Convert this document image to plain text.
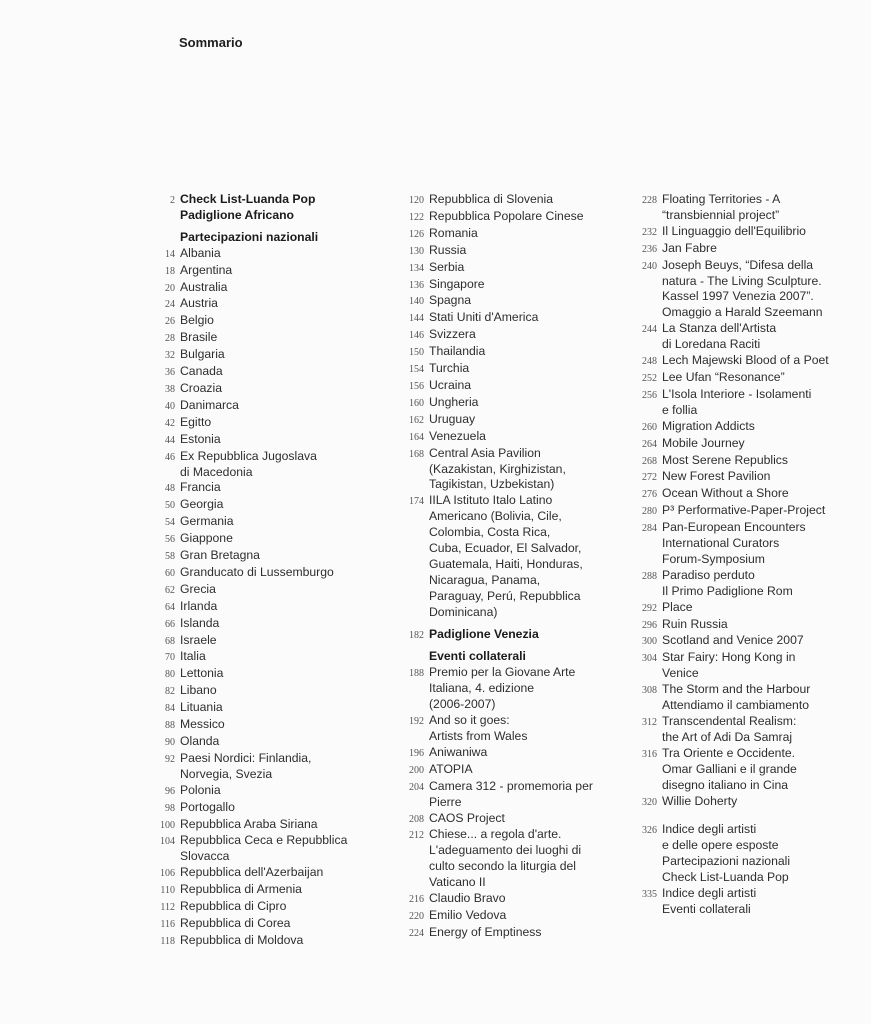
Sommario
2 Check List-Luanda Pop
Padiglione Africano
Partecipazioni nazionali
14 Albania
18 Argentina
20 Australia
24 Austria
26 Belgio
28 Brasile
32 Bulgaria
36 Canada
38 Croazia
40 Danimarca
42 Egitto
44 Estonia
46 Ex Repubblica Jugoslava
di Macedonia
48 Francia
50 Georgia
54 Germania
56 Giappone
58 Gran Bretagna
60 Granducato di Lussemburgo
62 Grecia
64 Irlanda
66 Islanda
68 Israele
70 Italia
80 Lettonia
82 Libano
84 Lituania
88 Messico
90 Olanda
92 Paesi Nordici: Finlandia,
Norvegia, Svezia
96 Polonia
98 Portogallo
100 Repubblica Araba Siriana
104 Repubblica Ceca e Repubblica
Slovacca
106 Repubblica dell'Azerbaijan
110 Repubblica di Armenia
112 Repubblica di Cipro
116 Repubblica di Corea
118 Repubblica di Moldova
120 Repubblica di Slovenia
122 Repubblica Popolare Cinese
126 Romania
130 Russia
134 Serbia
136 Singapore
140 Spagna
144 Stati Uniti d'America
146 Svizzera
150 Thailandia
154 Turchia
156 Ucraina
160 Ungheria
162 Uruguay
164 Venezuela
168 Central Asia Pavilion
(Kazakistan, Kirghizistan,
Tagikistan, Uzbekistan)
174 IILA Istituto Italo Latino
Americano (Bolivia, Cile,
Colombia, Costa Rica,
Cuba, Ecuador, El Salvador,
Guatemala, Haiti, Honduras,
Nicaragua, Panama,
Paraguay, Perú, Repubblica
Dominicana)
182 Padiglione Venezia
Eventi collaterali
188 Premio per la Giovane Arte
Italiana, 4. edizione
(2006-2007)
192 And so it goes:
Artists from Wales
196 Aniwaniwa
200 ATOPIA
204 Camera 312 - promemoria per
Pierre
208 CAOS Project
212 Chiese... a regola d'arte.
L'adeguamento dei luoghi di
culto secondo la liturgia del
Vaticano II
216 Claudio Bravo
220 Emilio Vedova
224 Energy of Emptiness
228 Floating Territories - A
“transbiennial project”
232 Il Linguaggio dell'Equilibrio
236 Jan Fabre
240 Joseph Beuys, “Difesa della
natura - The Living Sculpture.
Kassel 1997 Venezia 2007”.
Omaggio a Harald Szeemann
244 La Stanza dell'Artista
di Loredana Raciti
248 Lech Majewski Blood of a Poet
252 Lee Ufan “Resonance”
256 L'Isola Interiore - Isolamenti
e follia
260 Migration Addicts
264 Mobile Journey
268 Most Serene Republics
272 New Forest Pavilion
276 Ocean Without a Shore
280 P³ Performative-Paper-Project
284 Pan-European Encounters
International Curators
Forum-Symposium
288 Paradiso perduto
Il Primo Padiglione Rom
292 Place
296 Ruin Russia
300 Scotland and Venice 2007
304 Star Fairy: Hong Kong in
Venice
308 The Storm and the Harbour
Attendiamo il cambiamento
312 Transcendental Realism:
the Art of Adi Da Samraj
316 Tra Oriente e Occidente.
Omar Galliani e il grande
disegno italiano in Cina
320 Willie Doherty
326 Indice degli artisti
e delle opere esposte
Partecipazioni nazionali
Check List-Luanda Pop
335 Indice degli artisti
Eventi collaterali
